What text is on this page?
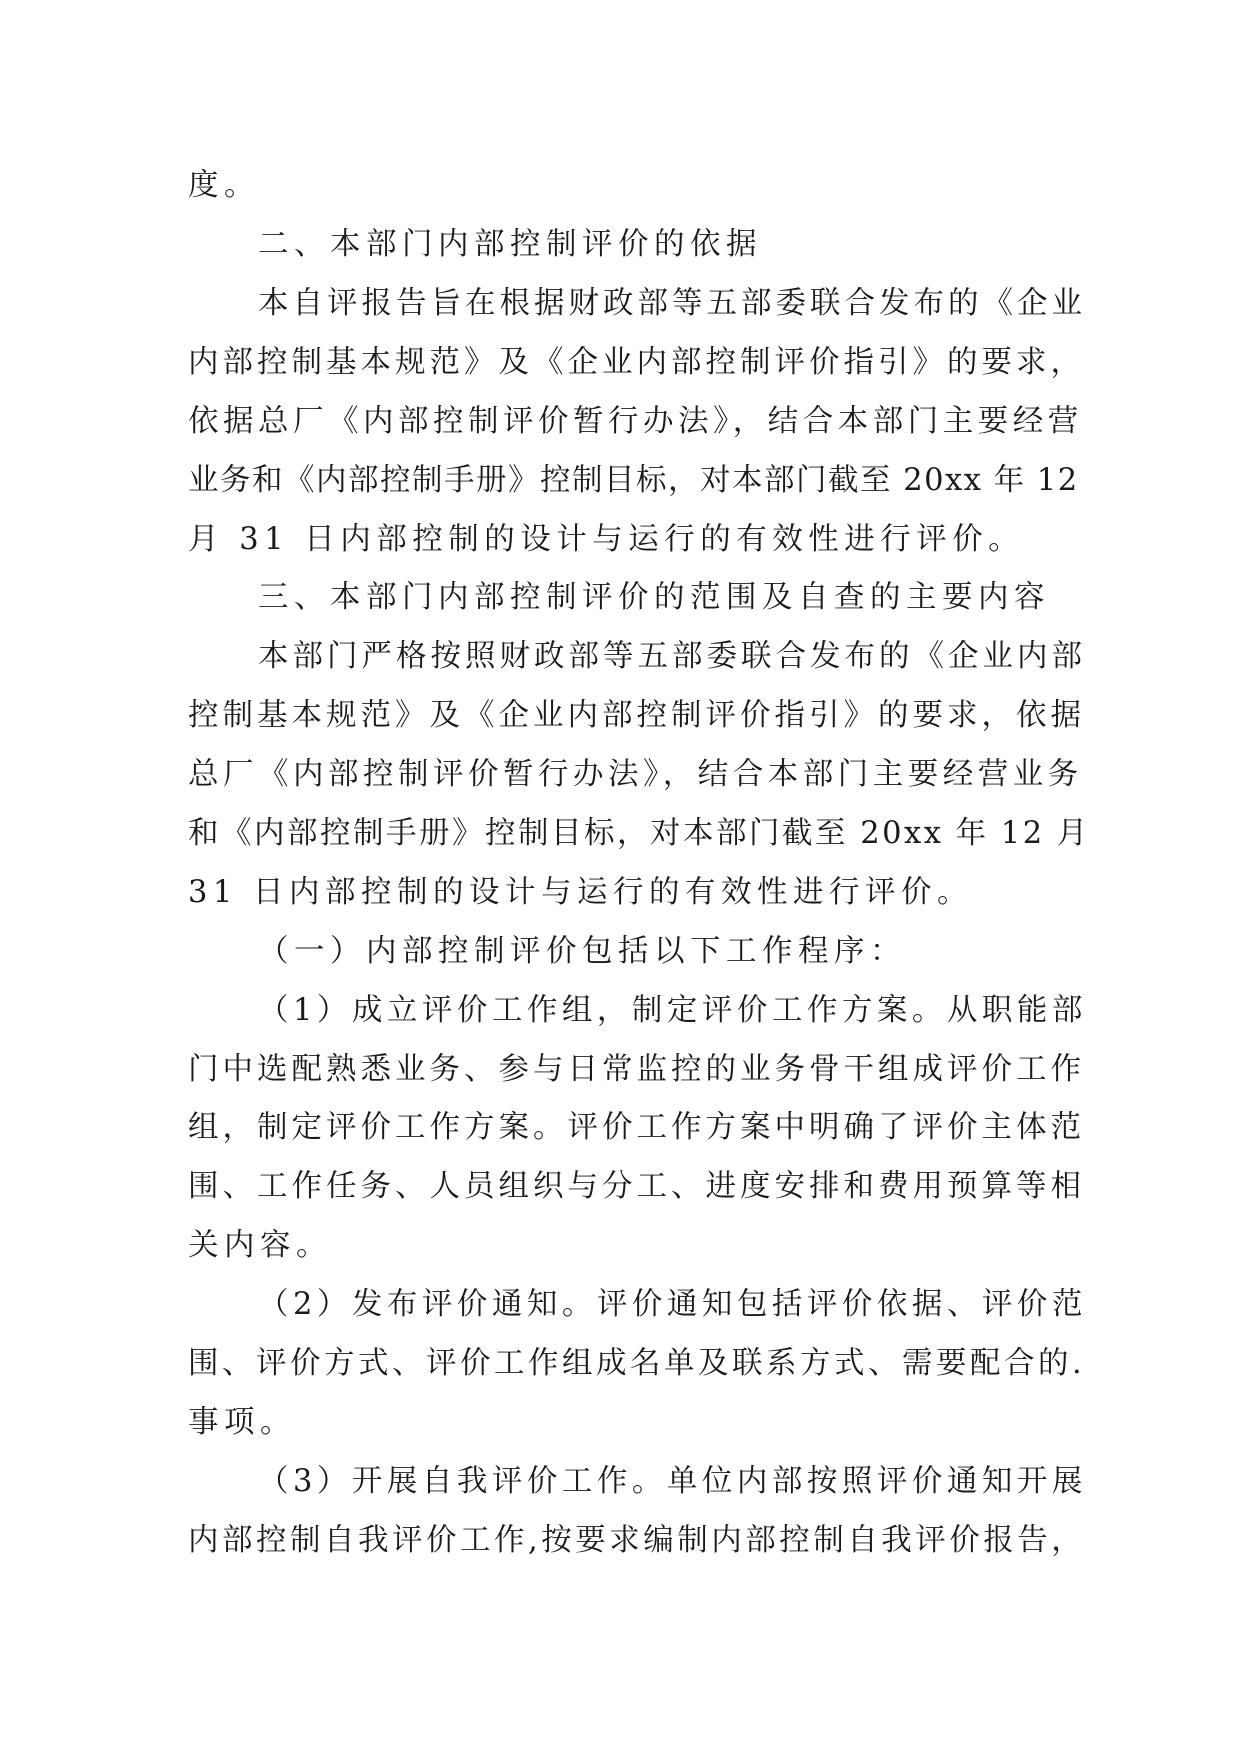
度。
二、本部门内部控制评价的依据
本自评报告旨在根据财政部等五部委联合发布的《企业
内部控制基本规范》及《企业内部控制评价指引》的要求，
依据总厂《内部控制评价暂行办法》，结合本部门主要经营
业务和《内部控制手册》控制目标，对本部门截至 20xx 年 12
月 31 日内部控制的设计与运行的有效性进行评价。
三、本部门内部控制评价的范围及自查的主要内容
本部门严格按照财政部等五部委联合发布的《企业内部
控制基本规范》及《企业内部控制评价指引》的要求，依据
总厂《内部控制评价暂行办法》，结合本部门主要经营业务
和《内部控制手册》控制目标，对本部门截至 20xx 年 12 月
31 日内部控制的设计与运行的有效性进行评价。
（一）内部控制评价包括以下工作程序：
（1）成立评价工作组，制定评价工作方案。从职能部
门中选配熟悉业务、参与日常监控的业务骨干组成评价工作
组，制定评价工作方案。评价工作方案中明确了评价主体范
围、工作任务、人员组织与分工、进度安排和费用预算等相
关内容。
（2）发布评价通知。评价通知包括评价依据、评价范
围、评价方式、评价工作组成名单及联系方式、需要配合的.
事项。
（3）开展自我评价工作。单位内部按照评价通知开展
内部控制自我评价工作,按要求编制内部控制自我评价报告，
